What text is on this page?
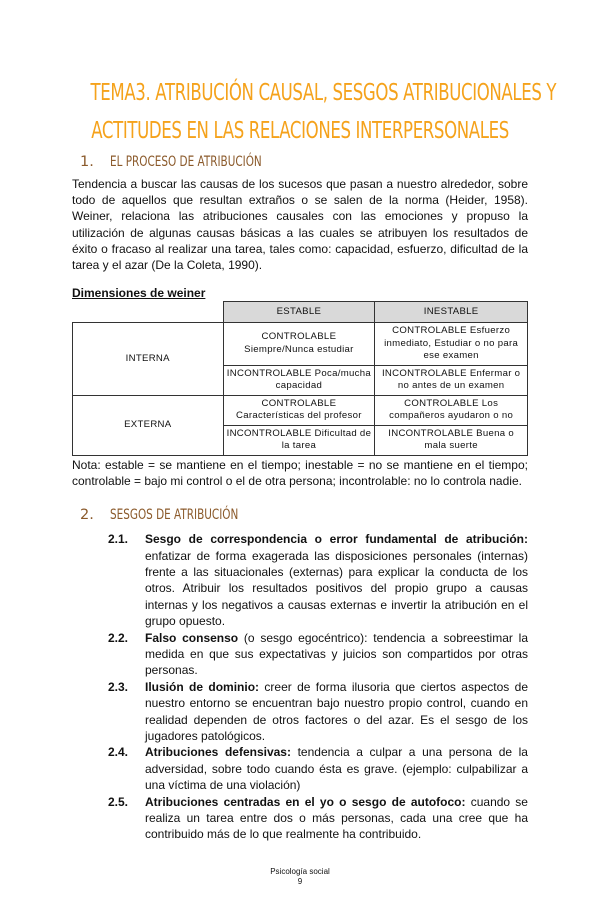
TEMA3. ATRIBUCIÓN CAUSAL, SESGOS ATRIBUCIONALES Y
ACTITUDES EN LAS RELACIONES INTERPERSONALES
1. EL PROCESO DE ATRIBUCIÓN
Tendencia a buscar las causas de los sucesos que pasan a nuestro alrededor, sobre todo de aquellos que resultan extraños o se salen de la norma (Heider, 1958). Weiner, relaciona las atribuciones causales con las emociones y propuso la utilización de algunas causas básicas a las cuales se atribuyen los resultados de éxito o fracaso al realizar una tarea, tales como: capacidad, esfuerzo, dificultad de la tarea y el azar (De la Coleta, 1990).
Dimensiones de weiner
	ESTABLE	INESTABLE
INTERNA	CONTROLABLE Siempre/Nunca estudiar	CONTROLABLE Esfuerzo inmediato, Estudiar o no para ese examen
	INCONTROLABLE Poca/mucha capacidad	INCONTROLABLE Enfermar o no antes de un examen
EXTERNA	CONTROLABLE Características del profesor	CONTROLABLE Los compañeros ayudaron o no
	INCONTROLABLE Dificultad de la tarea	INCONTROLABLE Buena o mala suerte
Nota: estable = se mantiene en el tiempo; inestable = no se mantiene en el tiempo; controlable = bajo mi control o el de otra persona; incontrolable: no lo controla nadie.
2. SESGOS DE ATRIBUCIÓN
2.1. Sesgo de correspondencia o error fundamental de atribución: enfatizar de forma exagerada las disposiciones personales (internas) frente a las situacionales (externas) para explicar la conducta de los otros. Atribuir los resultados positivos del propio grupo a causas internas y los negativos a causas externas e invertir la atribución en el grupo opuesto.
2.2. Falso consenso (o sesgo egocéntrico): tendencia a sobreestimar la medida en que sus expectativas y juicios son compartidos por otras personas.
2.3. Ilusión de dominio: creer de forma ilusoria que ciertos aspectos de nuestro entorno se encuentran bajo nuestro propio control, cuando en realidad dependen de otros factores o del azar. Es el sesgo de los jugadores patológicos.
2.4. Atribuciones defensivas: tendencia a culpar a una persona de la adversidad, sobre todo cuando ésta es grave. (ejemplo: culpabilizar a una víctima de una violación)
2.5. Atribuciones centradas en el yo o sesgo de autofoco: cuando se realiza un tarea entre dos o más personas, cada una cree que ha contribuido más de lo que realmente ha contribuido.
Psicología social
9
